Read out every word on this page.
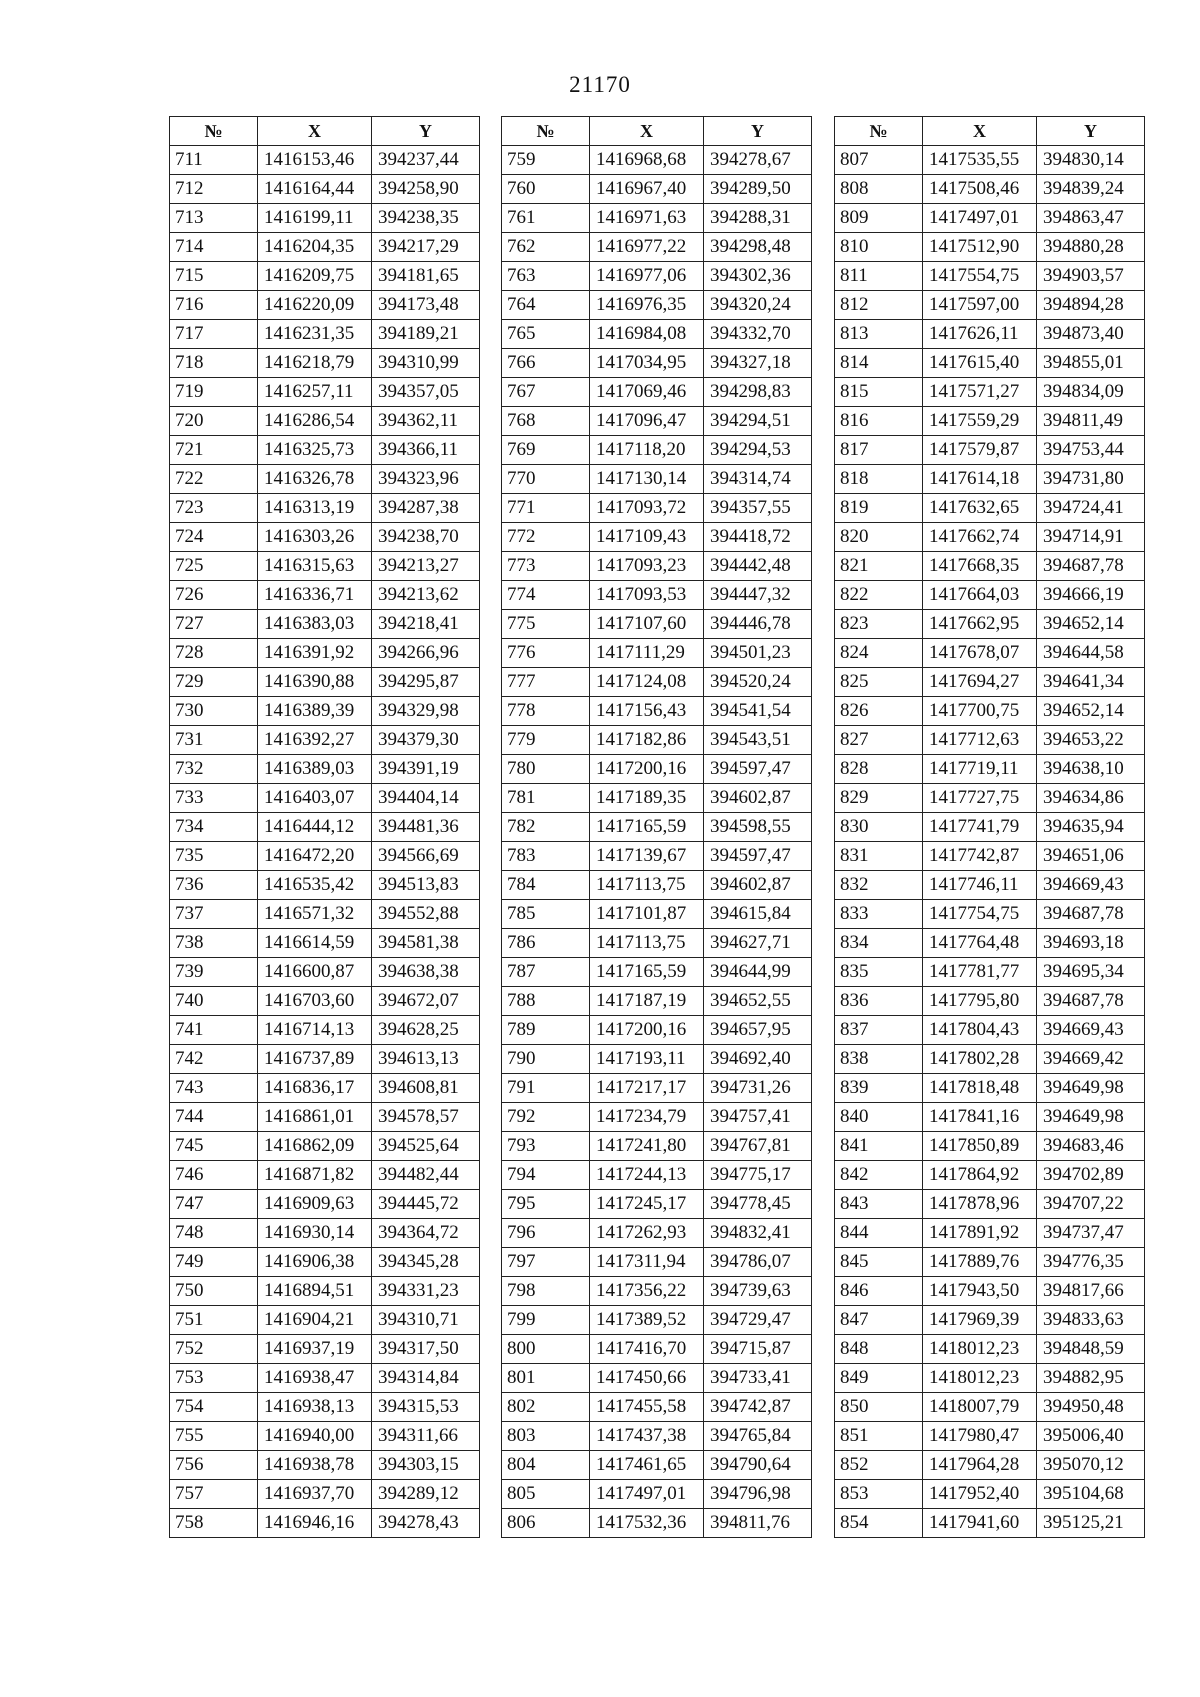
21170
№	X	Y
711	1416153,46	394237,44
712	1416164,44	394258,90
713	1416199,11	394238,35
714	1416204,35	394217,29
715	1416209,75	394181,65
716	1416220,09	394173,48
717	1416231,35	394189,21
718	1416218,79	394310,99
719	1416257,11	394357,05
720	1416286,54	394362,11
721	1416325,73	394366,11
722	1416326,78	394323,96
723	1416313,19	394287,38
724	1416303,26	394238,70
725	1416315,63	394213,27
726	1416336,71	394213,62
727	1416383,03	394218,41
728	1416391,92	394266,96
729	1416390,88	394295,87
730	1416389,39	394329,98
731	1416392,27	394379,30
732	1416389,03	394391,19
733	1416403,07	394404,14
734	1416444,12	394481,36
735	1416472,20	394566,69
736	1416535,42	394513,83
737	1416571,32	394552,88
738	1416614,59	394581,38
739	1416600,87	394638,38
740	1416703,60	394672,07
741	1416714,13	394628,25
742	1416737,89	394613,13
743	1416836,17	394608,81
744	1416861,01	394578,57
745	1416862,09	394525,64
746	1416871,82	394482,44
747	1416909,63	394445,72
748	1416930,14	394364,72
749	1416906,38	394345,28
750	1416894,51	394331,23
751	1416904,21	394310,71
752	1416937,19	394317,50
753	1416938,47	394314,84
754	1416938,13	394315,53
755	1416940,00	394311,66
756	1416938,78	394303,15
757	1416937,70	394289,12
758	1416946,16	394278,43
№	X	Y
759	1416968,68	394278,67
760	1416967,40	394289,50
761	1416971,63	394288,31
762	1416977,22	394298,48
763	1416977,06	394302,36
764	1416976,35	394320,24
765	1416984,08	394332,70
766	1417034,95	394327,18
767	1417069,46	394298,83
768	1417096,47	394294,51
769	1417118,20	394294,53
770	1417130,14	394314,74
771	1417093,72	394357,55
772	1417109,43	394418,72
773	1417093,23	394442,48
774	1417093,53	394447,32
775	1417107,60	394446,78
776	1417111,29	394501,23
777	1417124,08	394520,24
778	1417156,43	394541,54
779	1417182,86	394543,51
780	1417200,16	394597,47
781	1417189,35	394602,87
782	1417165,59	394598,55
783	1417139,67	394597,47
784	1417113,75	394602,87
785	1417101,87	394615,84
786	1417113,75	394627,71
787	1417165,59	394644,99
788	1417187,19	394652,55
789	1417200,16	394657,95
790	1417193,11	394692,40
791	1417217,17	394731,26
792	1417234,79	394757,41
793	1417241,80	394767,81
794	1417244,13	394775,17
795	1417245,17	394778,45
796	1417262,93	394832,41
797	1417311,94	394786,07
798	1417356,22	394739,63
799	1417389,52	394729,47
800	1417416,70	394715,87
801	1417450,66	394733,41
802	1417455,58	394742,87
803	1417437,38	394765,84
804	1417461,65	394790,64
805	1417497,01	394796,98
806	1417532,36	394811,76
№	X	Y
807	1417535,55	394830,14
808	1417508,46	394839,24
809	1417497,01	394863,47
810	1417512,90	394880,28
811	1417554,75	394903,57
812	1417597,00	394894,28
813	1417626,11	394873,40
814	1417615,40	394855,01
815	1417571,27	394834,09
816	1417559,29	394811,49
817	1417579,87	394753,44
818	1417614,18	394731,80
819	1417632,65	394724,41
820	1417662,74	394714,91
821	1417668,35	394687,78
822	1417664,03	394666,19
823	1417662,95	394652,14
824	1417678,07	394644,58
825	1417694,27	394641,34
826	1417700,75	394652,14
827	1417712,63	394653,22
828	1417719,11	394638,10
829	1417727,75	394634,86
830	1417741,79	394635,94
831	1417742,87	394651,06
832	1417746,11	394669,43
833	1417754,75	394687,78
834	1417764,48	394693,18
835	1417781,77	394695,34
836	1417795,80	394687,78
837	1417804,43	394669,43
838	1417802,28	394669,42
839	1417818,48	394649,98
840	1417841,16	394649,98
841	1417850,89	394683,46
842	1417864,92	394702,89
843	1417878,96	394707,22
844	1417891,92	394737,47
845	1417889,76	394776,35
846	1417943,50	394817,66
847	1417969,39	394833,63
848	1418012,23	394848,59
849	1418012,23	394882,95
850	1418007,79	394950,48
851	1417980,47	395006,40
852	1417964,28	395070,12
853	1417952,40	395104,68
854	1417941,60	395125,21
